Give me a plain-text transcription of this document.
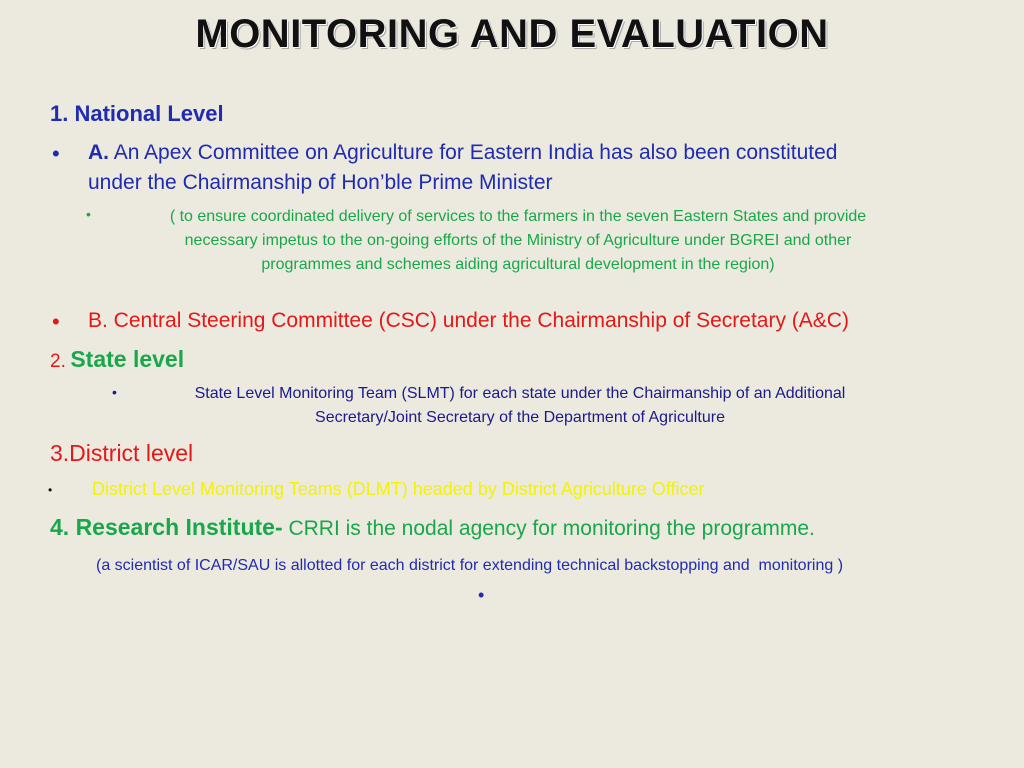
MONITORING AND EVALUATION
1. National Level
• A. An Apex Committee on Agriculture for Eastern India has also been constituted
under the Chairmanship of Hon’ble Prime Minister
•	( to ensure coordinated delivery of services to the farmers in the seven Eastern States and provide
necessary impetus to the on-going efforts of the Ministry of Agriculture under BGREI and other
programmes and schemes aiding agricultural development in the region)
• B. Central Steering Committee (CSC) under the Chairmanship of Secretary (A&C)
2. State level
•	State Level Monitoring Team (SLMT) for each state under the Chairmanship of an Additional
Secretary/Joint Secretary of the Department of Agriculture
3.District level
• District Level Monitoring Teams (DLMT) headed by District Agriculture Officer
4. Research Institute- CRRI is the nodal agency for monitoring the programme.
(a scientist of ICAR/SAU is allotted for each district for extending technical backstopping and  monitoring )
•
